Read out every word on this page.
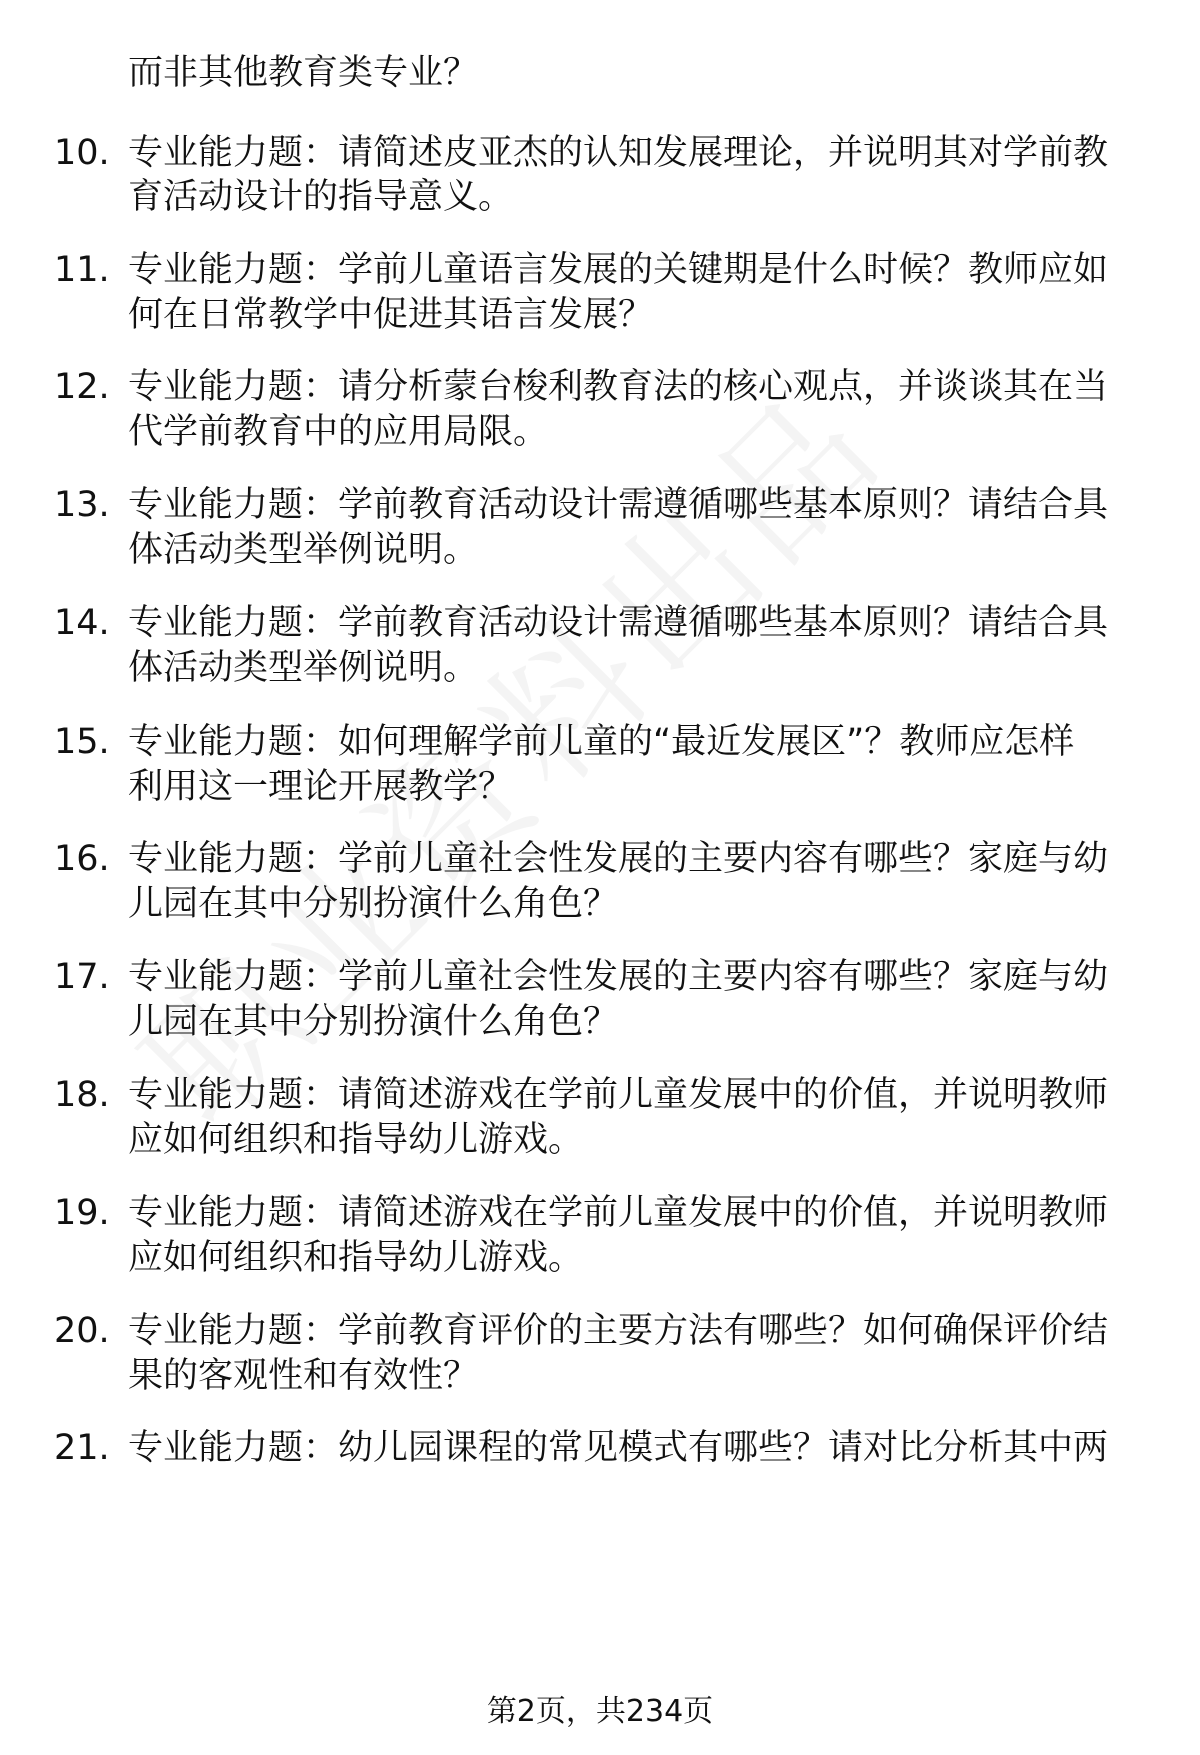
而非其他教育类专业？
10. 专业能力题：请简述皮亚杰的认知发展理论，并说明其对学前教
育活动设计的指导意义。
11. 专业能力题：学前儿童语言发展的关键期是什么时候？教师应如
何在日常教学中促进其语言发展？
12. 专业能力题：请分析蒙台梭利教育法的核心观点，并谈谈其在当
代学前教育中的应用局限。
13. 专业能力题：学前教育活动设计需遵循哪些基本原则？请结合具
体活动类型举例说明。
14. 专业能力题：学前教育活动设计需遵循哪些基本原则？请结合具
体活动类型举例说明。
15. 专业能力题：如何理解学前儿童的“最近发展区”？教师应怎样
利用这一理论开展教学？
16. 专业能力题：学前儿童社会性发展的主要内容有哪些？家庭与幼
儿园在其中分别扮演什么角色？
17. 专业能力题：学前儿童社会性发展的主要内容有哪些？家庭与幼
儿园在其中分别扮演什么角色？
18. 专业能力题：请简述游戏在学前儿童发展中的价值，并说明教师
应如何组织和指导幼儿游戏。
19. 专业能力题：请简述游戏在学前儿童发展中的价值，并说明教师
应如何组织和指导幼儿游戏。
20. 专业能力题：学前教育评价的主要方法有哪些？如何确保评价结
果的客观性和有效性？
21. 专业能力题：幼儿园课程的常见模式有哪些？请对比分析其中两
第2页，共234页
